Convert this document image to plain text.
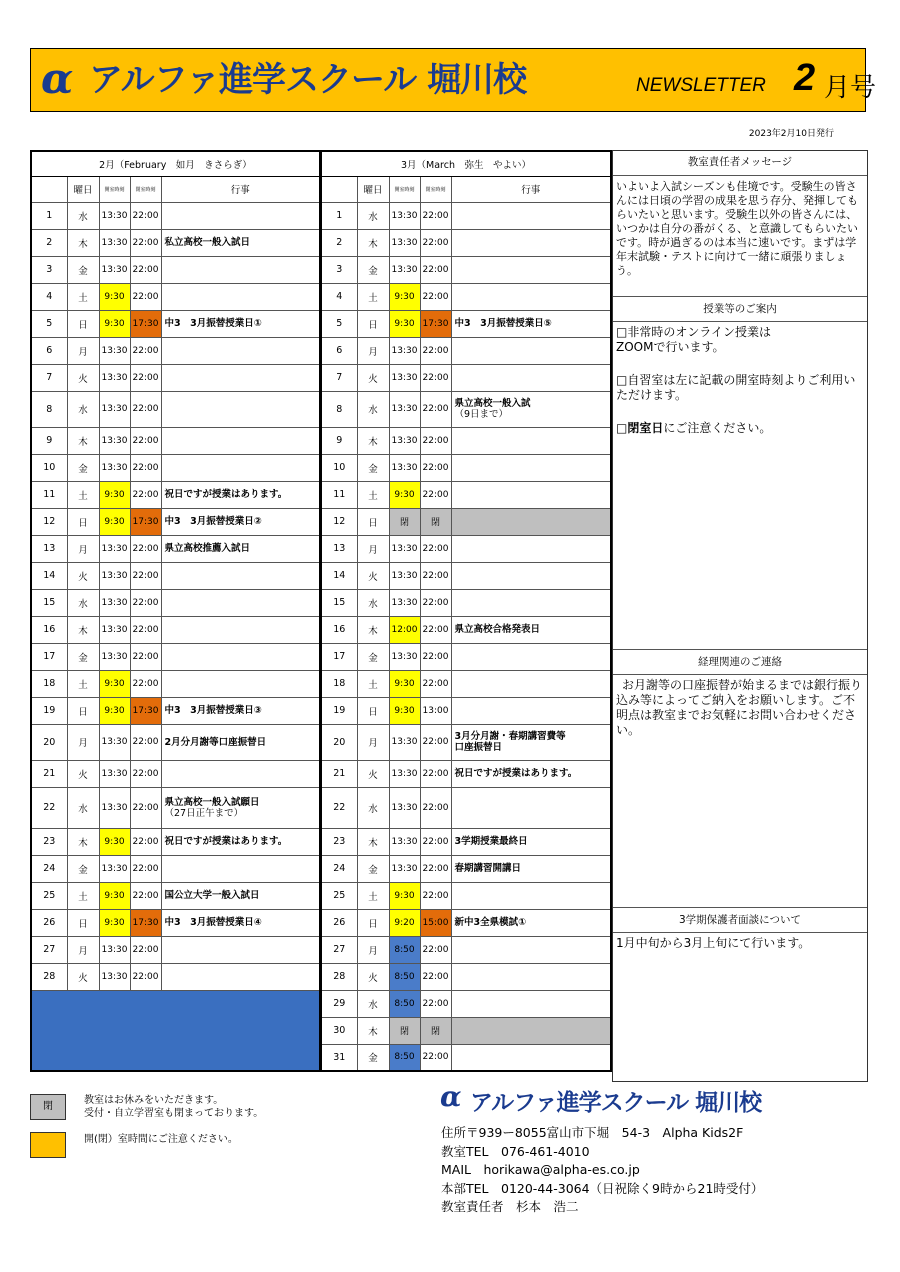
α アルファ進学スクール 堀川校	NEWSLETTER 2 月号
2023年2月10日発行
2月（February　如月　きさらぎ）				
	曜日	開室時刻	閉室時刻	行事
1	水	13:30	22:00	
2	木	13:30	22:00	私立高校一般入試日
3	金	13:30	22:00	
4	土	9:30	22:00	
5	日	9:30	17:30	中3　3月振替授業日①
6	月	13:30	22:00	
7	火	13:30	22:00	
8	水	13:30	22:00	
9	木	13:30	22:00	
10	金	13:30	22:00	
11	土	9:30	22:00	祝日ですが授業はあります。
12	日	9:30	17:30	中3　3月振替授業日②
13	月	13:30	22:00	県立高校推薦入試日
14	火	13:30	22:00	
15	水	13:30	22:00	
16	木	13:30	22:00	
17	金	13:30	22:00	
18	土	9:30	22:00	
19	日	9:30	17:30	中3　3月振替授業日③
20	月	13:30	22:00	2月分月謝等口座振替日
21	火	13:30	22:00	
22	水	13:30	22:00	県立高校一般入試願日
（27日正午まで）
23	木	9:30	22:00	祝日ですが授業はあります。
24	金	13:30	22:00	
25	土	9:30	22:00	国公立大学一般入試日
26	日	9:30	17:30	中3　3月振替授業日④
27	月	13:30	22:00	
28	火	13:30	22:00	

3月（March　弥生　やよい）				
	曜日	開室時刻	閉室時刻	行事
1	水	13:30	22:00	
2	木	13:30	22:00	
3	金	13:30	22:00	
4	土	9:30	22:00	
5	日	9:30	17:30	中3　3月振替授業日⑤
6	月	13:30	22:00	
7	火	13:30	22:00	
8	水	13:30	22:00	県立高校一般入試
（9日まで）
9	木	13:30	22:00	
10	金	13:30	22:00	
11	土	9:30	22:00	
12	日	閉	閉	
13	月	13:30	22:00	
14	火	13:30	22:00	
15	水	13:30	22:00	
16	木	12:00	22:00	県立高校合格発表日
17	金	13:30	22:00	
18	土	9:30	22:00	
19	日	9:30	13:00	
20	月	13:30	22:00	3月分月謝・春期講習費等
口座振替日
21	火	13:30	22:00	祝日ですが授業はあります。
22	水	13:30	22:00	
23	木	13:30	22:00	3学期授業最終日
24	金	13:30	22:00	春期講習開講日
25	土	9:30	22:00	
26	日	9:20	15:00	新中3全県模試①
27	月	8:50	22:00	
28	火	8:50	22:00	
29	水	8:50	22:00	
30	木	閉	閉	
31	金	8:50	22:00	
教室責任者メッセージ
いよいよ入試シーズンも佳境です。受験生の皆さんには日頃の学習の成果を思う存分、発揮してもらいたいと思います。受験生以外の皆さんには、いつかは自分の番がくる、と意識してもらいたいです。時が過ぎるのは本当に速いです。まずは学年末試験・テストに向けて一緒に頑張りましょう。
授業等のご案内
□非常時のオンライン授業は
ZOOMで行います。
□自習室は左に記載の開室時刻よりご利用いただけます。
□閉室日にご注意ください。
経理関連のご連絡
お月謝等の口座振替が始まるまでは銀行振り込み等によってご納入をお願いします。ご不明点は教室までお気軽にお問い合わせください。
3学期保護者面談について
1月中旬から3月上旬にて行います。
閉
教室はお休みをいただきます。
受付・自立学習室も閉まっております。
開(閉）室時間にご注意ください。
α アルファ進学スクール 堀川校
住所〒939ー8055富山市下堀　54-3　Alpha Kids2F
教室TEL　076-461-4010
MAIL　horikawa@alpha-es.co.jp
本部TEL　0120-44-3064（日祝除く9時から21時受付）
教室責任者　杉本　浩二
